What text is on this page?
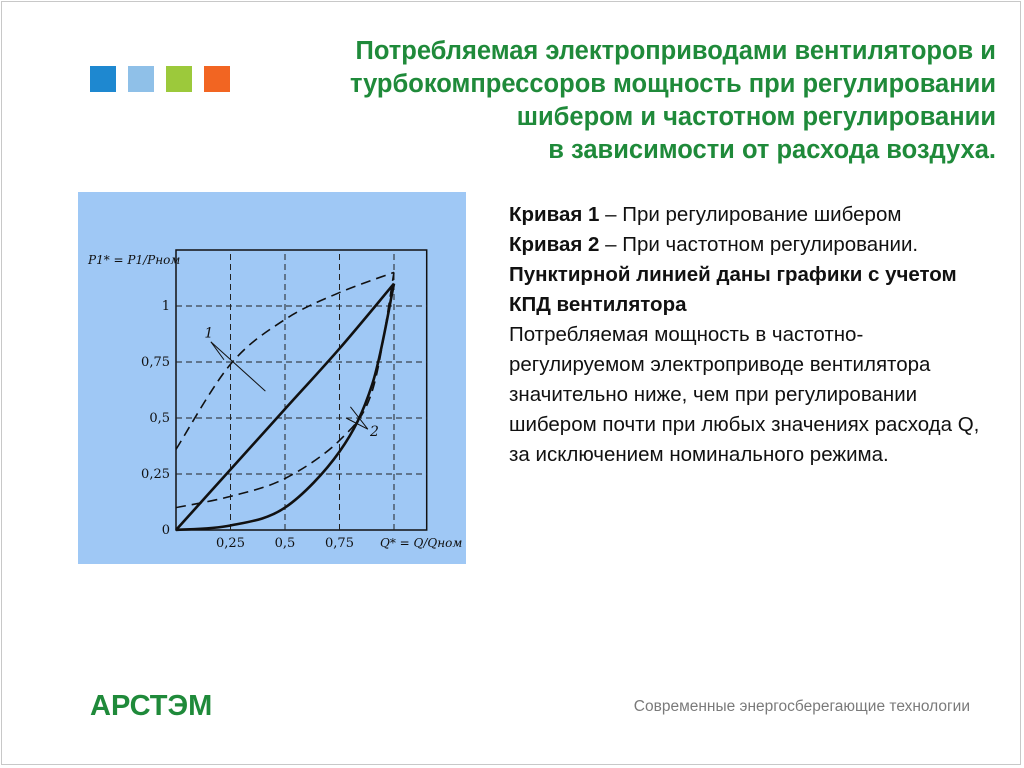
Потребляемая электроприводами вентиляторов и
турбокомпрессоров мощность при регулировании
шибером и частотном регулировании
в зависимости от расхода воздуха.
0,25 0,5 0,75
0
0,25
0,5
0,75
1
P1* = P1/Pном
Q* = Q/Qном
1
2

Кривая 1 – При регулирование шибером

Кривая 2 – При частотном регулировании.

Пунктирной линией даны графики с учетом КПД вентилятора

Потребляемая мощность в частотно-регулируемом электроприводе вентилятора значительно ниже, чем при регулировании шибером почти при любых значениях расхода Q, за исключением номинального режима.

АРСТЭМ	Современные энергосберегающие технологии
